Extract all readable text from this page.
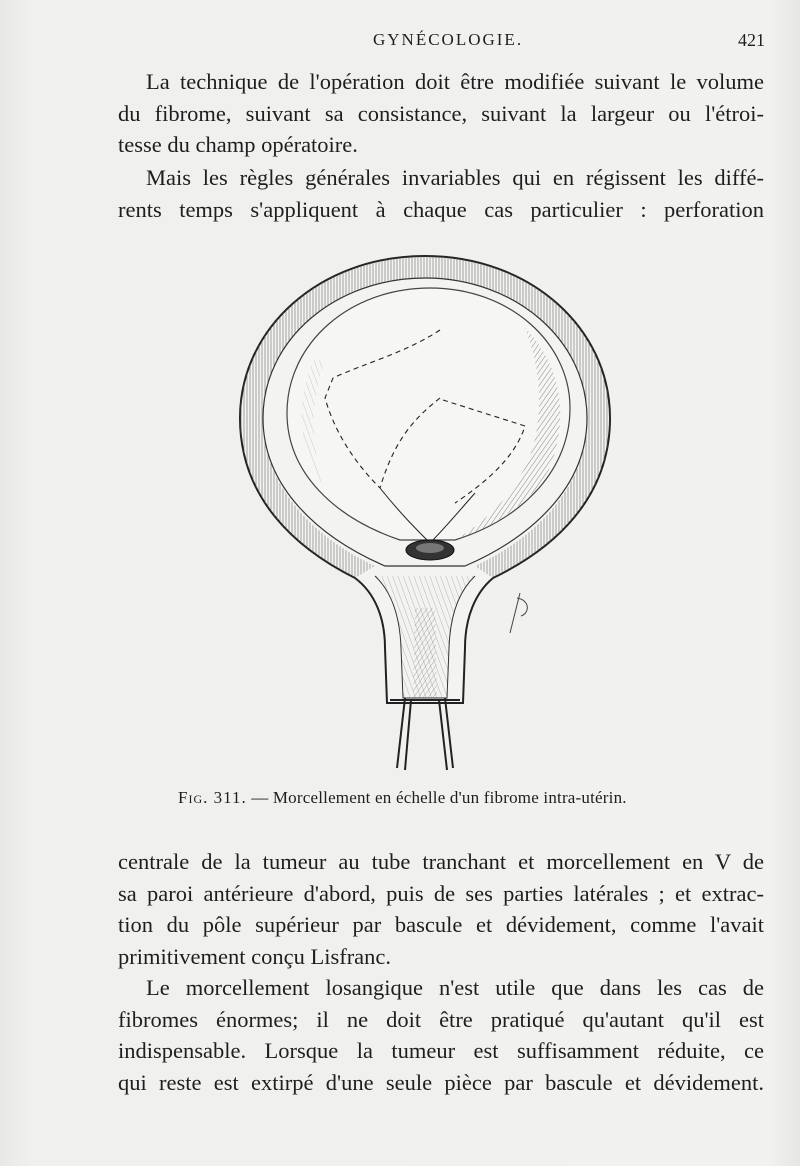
GYNÉCOLOGIE.	421
La technique de l'opération doit être modifiée suivant le volume
du fibrome, suivant sa consistance, suivant la largeur ou l'étroi-
tesse du champ opératoire.
Mais les règles générales invariables qui en régissent les diffé-
rents temps s'appliquent à chaque cas particulier : perforation
Fig. 311. — Morcellement en échelle d'un fibrome intra-utérin.
centrale de la tumeur au tube tranchant et morcellement en V de
sa paroi antérieure d'abord, puis de ses parties latérales ; et extrac-
tion du pôle supérieur par bascule et dévidement, comme l'avait
primitivement conçu Lisfranc.
Le morcellement losangique n'est utile que dans les cas de
fibromes énormes; il ne doit être pratiqué qu'autant qu'il est
indispensable. Lorsque la tumeur est suffisamment réduite, ce
qui reste est extirpé d'une seule pièce par bascule et dévidement.
